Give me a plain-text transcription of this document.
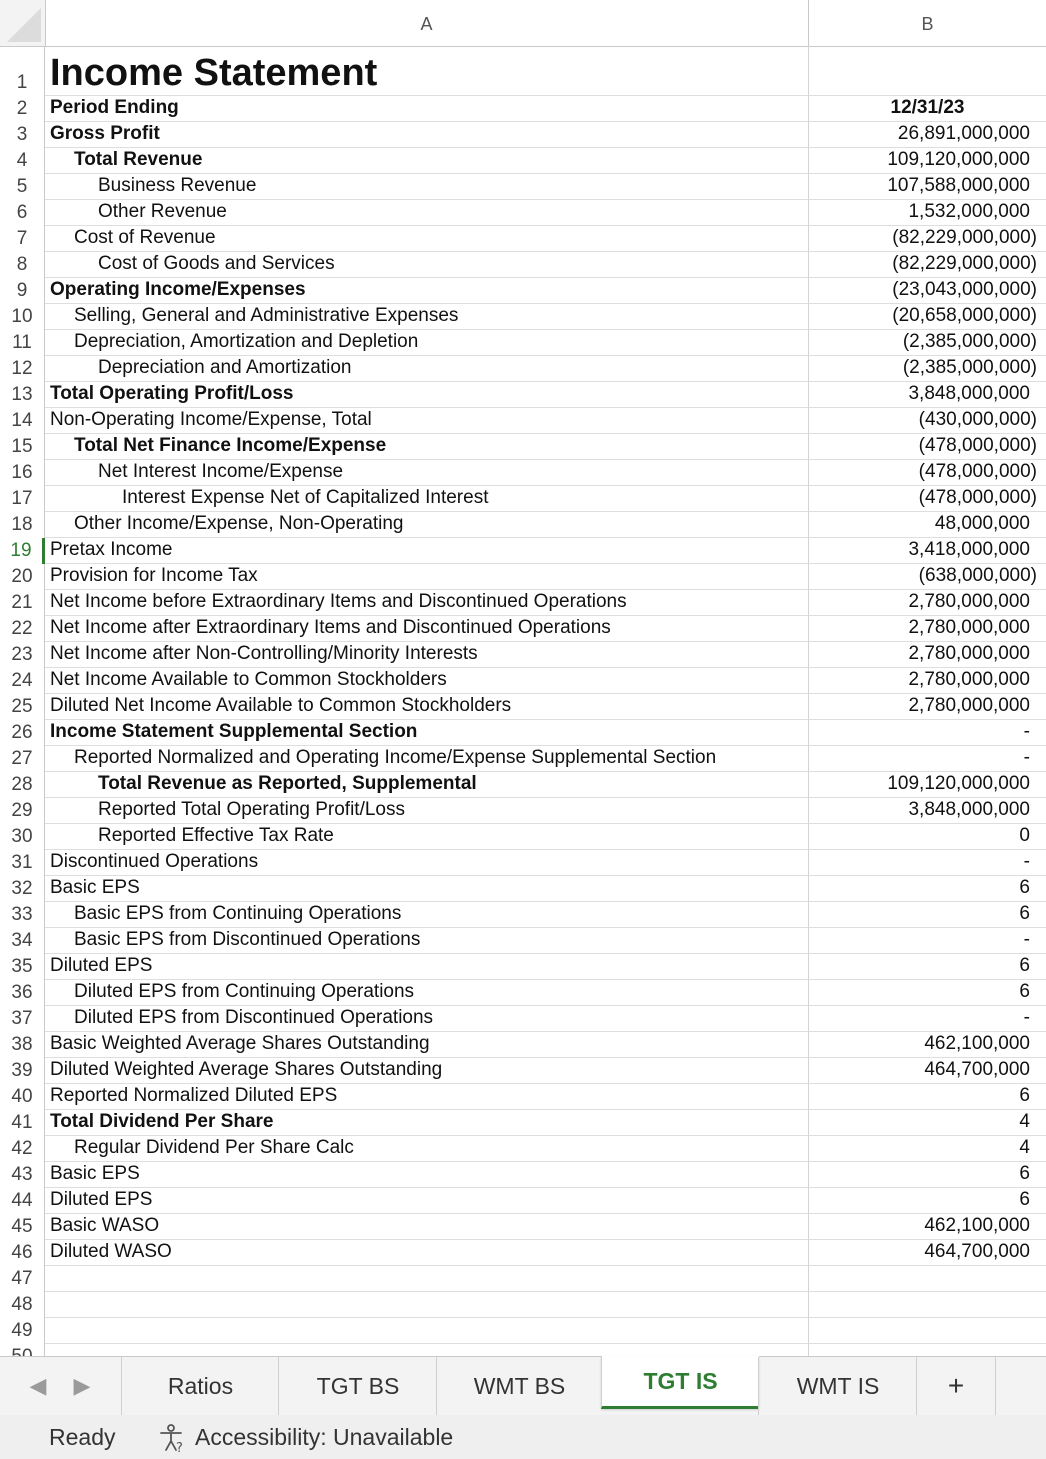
A	B
1 Income Statement
2	Period Ending	12/31/23
3	Gross Profit	26,891,000,000
4	Total Revenue	109,120,000,000
5	Business Revenue	107,588,000,000
6	Other Revenue	1,532,000,000
7	Cost of Revenue	(82,229,000,000)
8	Cost of Goods and Services	(82,229,000,000)
9	Operating Income/Expenses	(23,043,000,000)
10	Selling, General and Administrative Expenses	(20,658,000,000)
11	Depreciation, Amortization and Depletion	(2,385,000,000)
12	Depreciation and Amortization	(2,385,000,000)
13 Total Operating Profit/Loss	3,848,000,000
14 Non-Operating Income/Expense, Total	(430,000,000)
15	Total Net Finance Income/Expense	(478,000,000)
16	Net Interest Income/Expense	(478,000,000)
17	Interest Expense Net of Capitalized Interest	(478,000,000)
18	Other Income/Expense, Non-Operating	48,000,000
19 Pretax Income	3,418,000,000
20 Provision for Income Tax	(638,000,000)
21 Net Income before Extraordinary Items and Discontinued Operations	2,780,000,000
22 Net Income after Extraordinary Items and Discontinued Operations	2,780,000,000
23 Net Income after Non-Controlling/Minority Interests	2,780,000,000
24 Net Income Available to Common Stockholders	2,780,000,000
25 Diluted Net Income Available to Common Stockholders	2,780,000,000
26 Income Statement Supplemental Section	-
27	Reported Normalized and Operating Income/Expense Supplemental Section	-
28	Total Revenue as Reported, Supplemental	109,120,000,000
29	Reported Total Operating Profit/Loss	3,848,000,000
30	Reported Effective Tax Rate	0
31 Discontinued Operations	-
32 Basic EPS	6
33	Basic EPS from Continuing Operations	6
34	Basic EPS from Discontinued Operations	-
35 Diluted EPS	6
36	Diluted EPS from Continuing Operations	6
37	Diluted EPS from Discontinued Operations	-
38 Basic Weighted Average Shares Outstanding	462,100,000
39 Diluted Weighted Average Shares Outstanding	464,700,000
40 Reported Normalized Diluted EPS	6
41 Total Dividend Per Share	4
42	Regular Dividend Per Share Calc	4
43 Basic EPS	6
44 Diluted EPS	6
45 Basic WASO	462,100,000
46 Diluted WASO	464,700,000
47
48
49
◀	▶	Ratios	TGT BS	WMT BS	TGT IS	WMT IS	+
Ready	? Accessibility: Unavailable
